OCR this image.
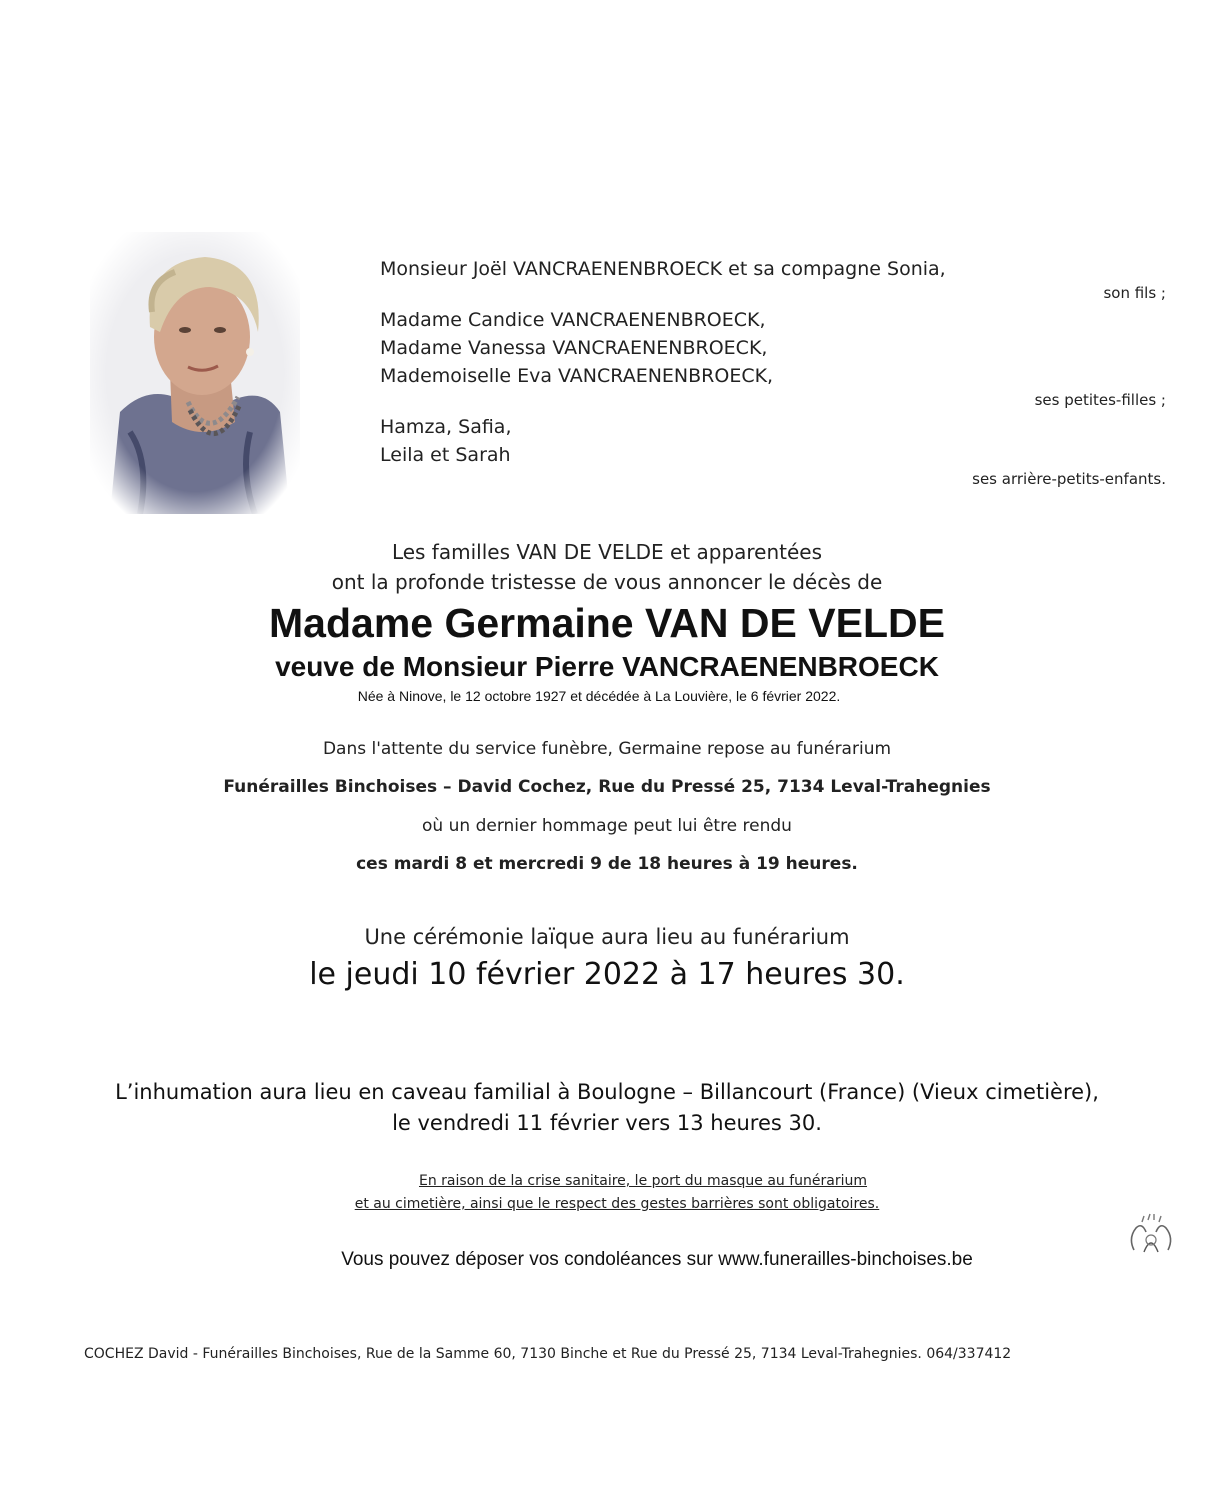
Monsieur Joël VANCRAENENBROECK et sa compagne Sonia,
son fils ;
Madame Candice VANCRAENENBROECK,
Madame Vanessa VANCRAENENBROECK,
Mademoiselle Eva VANCRAENENBROECK,
ses petites-filles ;
Hamza, Safia,
Leila et Sarah
ses arrière-petits-enfants.
Les familles VAN DE VELDE et apparentées
ont la profonde tristesse de vous annoncer le décès de
Madame Germaine VAN DE VELDE
veuve de Monsieur Pierre VANCRAENENBROECK
Née à Ninove, le 12 octobre 1927 et décédée à La Louvière, le 6 février 2022.
Dans l'attente du service funèbre, Germaine repose au funérarium
Funérailles Binchoises – David Cochez, Rue du Pressé 25, 7134 Leval-Trahegnies
où un dernier hommage peut lui être rendu
ces mardi 8 et mercredi 9 de 18 heures à 19 heures.
Une cérémonie laïque aura lieu au funérarium
le jeudi 10 février 2022 à 17 heures 30.
L’inhumation aura lieu en caveau familial à Boulogne – Billancourt (France) (Vieux cimetière),
le vendredi 11 février vers 13 heures 30.
En raison de la crise sanitaire, le port du masque au funérarium
et au cimetière, ainsi que le respect des gestes barrières sont obligatoires.
Vous pouvez déposer vos condoléances sur www.funerailles-binchoises.be
COCHEZ David - Funérailles Binchoises, Rue de la Samme 60, 7130 Binche et Rue du Pressé 25, 7134 Leval-Trahegnies. 064/337412
